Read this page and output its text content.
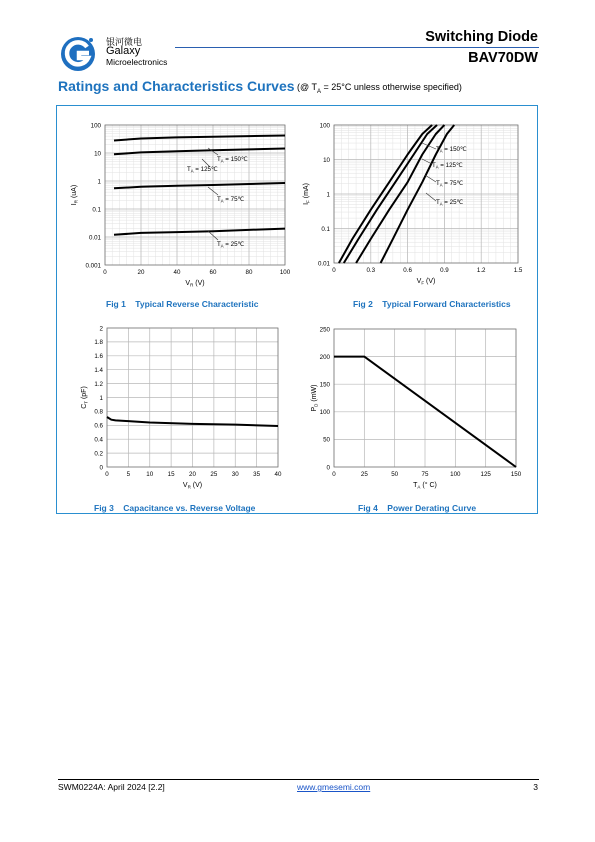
银河微电
Galaxy
Microelectronics
Switching Diode
BAV70DW
Ratings and Characteristics Curves (@ $T_A = 25^\circ C$ unless otherwise specified)
0.001
0.01
0.1
1
10
100
0	20	40	60	80	100
$V_R$ (V)
$I_R$ (uA)
$T_A$ = 150℃
$T_A$ = 125℃
$T_A$ = 75℃
$T_A$ = 25℃
Fig 1    Typical Reverse Characteristic
0.01
0.1
1
10
100
0	0.3	0.6	0.9	1.2	1.5
$V_F$ (V)
$I_F$ (mA)
$T_A$ = 150℃
$T_A$ = 125℃
$T_A$ = 75℃
$T_A$ = 25℃
Fig 2    Typical Forward Characteristics
0
0.2
0.4
0.6
0.8
1
1.2
1.4
1.6
1.8
2
0	5	10 15 20 25 30 35 40
$V_R$ (V)
$C_T$ (pF)
Fig 3    Capacitance vs. Reverse Voltage
0
50
100
150
200
250
0	25	50	75	100	125	150
$T_A$ (° C)
$P_D$ (mW)
Fig 4    Power Derating Curve
SWM0224A: April 2024 [2.2]	www.gmesemi.com	3
